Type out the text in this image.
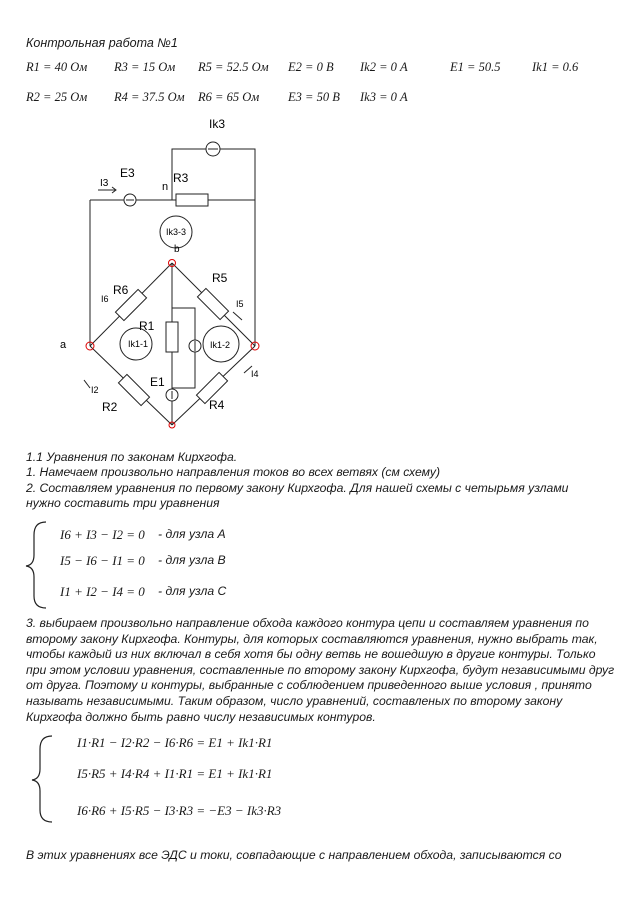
Контрольная работа №1
R1 = 40 Ом R3 = 15 Ом R5 = 52.5 Ом E2 = 0 В Ik2 = 0 А	E1 = 50.5	Ik1 = 0.6
R2 = 25 Ом R4 = 37.5 Ом R6 = 65 Ом E3 = 50 В Ik3 = 0 А
Ik3
E3
I3	n
R3
Ik3-3
b
R6
I6
R5
I5
R1
Ik1-1	Ik1-2
a
E1
R2
I2
R4
I4
1.1 Уравнения по законам Кирхгофа.
1. Намечаем произвольно направления токов во всех ветвях (см схему)
2. Составляем уравнения по первому закону Кирхгофа. Для нашей схемы с четырьмя узлами
нужно составить три уравнения
I6 + I3 − I2 = 0 - для узла A
I5 − I6 − I1 = 0 - для узла B
I1 + I2 − I4 = 0 - для узла C
3. выбираем произвольно направление обхода каждого контура цепи и составляем уравнения по второму закону Кирхгофа. Контуры, для которых составляются уравнения, нужно выбрать так, чтобы каждый из них включал в себя хотя бы одну ветвь не вошедшую в другие контуры. Только при этом условии уравнения, составленные по второму закону Кирхгофа, будут независимыми друг от друга. Поэтому и контуры, выбранные с соблюдением приведенного выше условия , принято называть независимыми. Таким образом, число уравнений, составленых по второму закону Кирхгофа должно быть равно числу независимых контуров.
I1·R1 − I2·R2 − I6·R6 = E1 + Ik1·R1
I5·R5 + I4·R4 + I1·R1 = E1 + Ik1·R1
I6·R6 + I5·R5 − I3·R3 = −E3 − Ik3·R3
В этих уравнениях все ЭДС и токи, совпадающие с направлением обхода, записываются со
